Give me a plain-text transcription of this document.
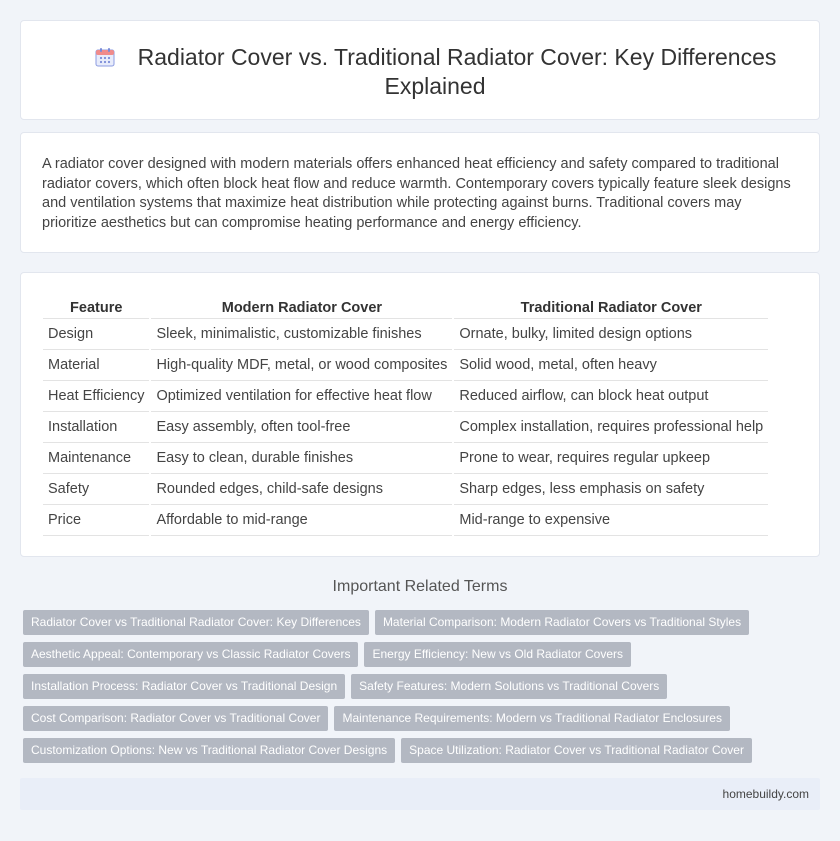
Radiator Cover vs. Traditional Radiator Cover: Key Differences Explained

A radiator cover designed with modern materials offers enhanced heat efficiency and safety compared to traditional radiator covers, which often block heat flow and reduce warmth. Contemporary covers typically feature sleek designs and ventilation systems that maximize heat distribution while protecting against burns. Traditional covers may prioritize aesthetics but can compromise heating performance and energy efficiency.

Feature		Modern Radiator Cover		Traditional Radiator Cover
Design		Sleek, minimalistic, customizable finishes		Ornate, bulky, limited design options
Material		High-quality MDF, metal, or wood composites		Solid wood, metal, often heavy
Heat Efficiency		Optimized ventilation for effective heat flow		Reduced airflow, can block heat output
Installation		Easy assembly, often tool-free		Complex installation, requires professional help
Maintenance		Easy to clean, durable finishes		Prone to wear, requires regular upkeep
Safety		Rounded edges, child-safe designs		Sharp edges, less emphasis on safety
Price		Affordable to mid-range		Mid-range to expensive
Important Related Terms
Radiator Cover vs Traditional Radiator Cover: Key Differences Material Comparison: Modern Radiator Covers vs Traditional Styles
Aesthetic Appeal: Contemporary vs Classic Radiator Covers Energy Efficiency: New vs Old Radiator Covers
Installation Process: Radiator Cover vs Traditional Design Safety Features: Modern Solutions vs Traditional Covers
Cost Comparison: Radiator Cover vs Traditional Cover Maintenance Requirements: Modern vs Traditional Radiator Enclosures
Customization Options: New vs Traditional Radiator Cover Designs Space Utilization: Radiator Cover vs Traditional Radiator Cover
homebuildy.com
